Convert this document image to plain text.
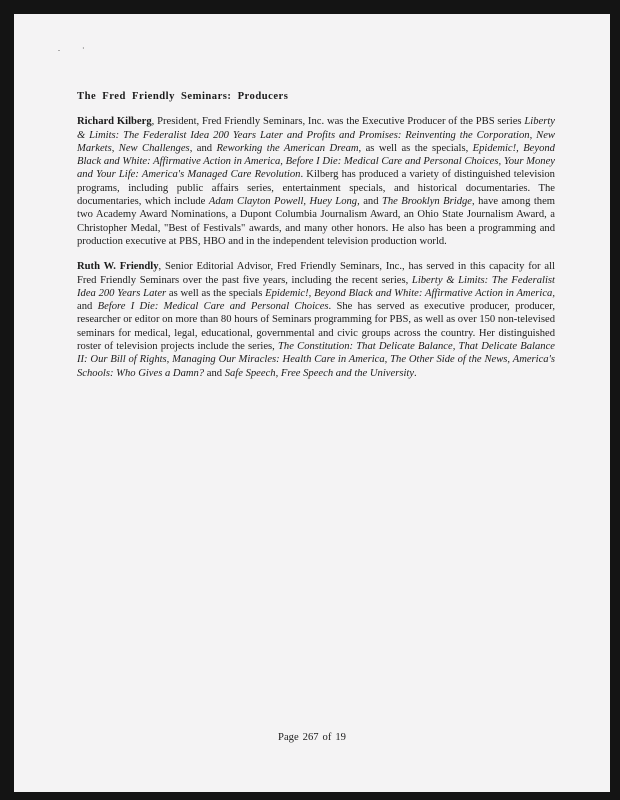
.	·

The Fred Friendly Seminars: Producers

Richard Kilberg, President, Fred Friendly Seminars, Inc. was the Executive Producer of the PBS series Liberty & Limits: The Federalist Idea 200 Years Later and Profits and Promises: Reinventing the Corporation, New Markets, New Challenges, and Reworking the American Dream, as well as the specials, Epidemic!, Beyond Black and White: Affirmative Action in America, Before I Die: Medical Care and Personal Choices, Your Money and Your Life: America's Managed Care Revolution. Kilberg has produced a variety of distinguished television programs, including public affairs series, entertainment specials, and historical documentaries. The documentaries, which include Adam Clayton Powell, Huey Long, and The Brooklyn Bridge, have among them two Academy Award Nominations, a Dupont Columbia Journalism Award, an Ohio State Journalism Award, a Christopher Medal, "Best of Festivals" awards, and many other honors. He also has been a programming and production executive at PBS, HBO and in the independent television production world.

Ruth W. Friendly, Senior Editorial Advisor, Fred Friendly Seminars, Inc., has served in this capacity for all Fred Friendly Seminars over the past five years, including the recent series, Liberty & Limits: The Federalist Idea 200 Years Later as well as the specials Epidemic!, Beyond Black and White: Affirmative Action in America, and Before I Die: Medical Care and Personal Choices. She has served as executive producer, producer, researcher or editor on more than 80 hours of Seminars programming for PBS, as well as over 150 non-televised seminars for medical, legal, educational, governmental and civic groups across the country. Her distinguished roster of television projects include the series, The Constitution: That Delicate Balance, That Delicate Balance II: Our Bill of Rights, Managing Our Miracles: Health Care in America, The Other Side of the News, America's Schools: Who Gives a Damn? and Safe Speech, Free Speech and the University.

Page 267 of 19
